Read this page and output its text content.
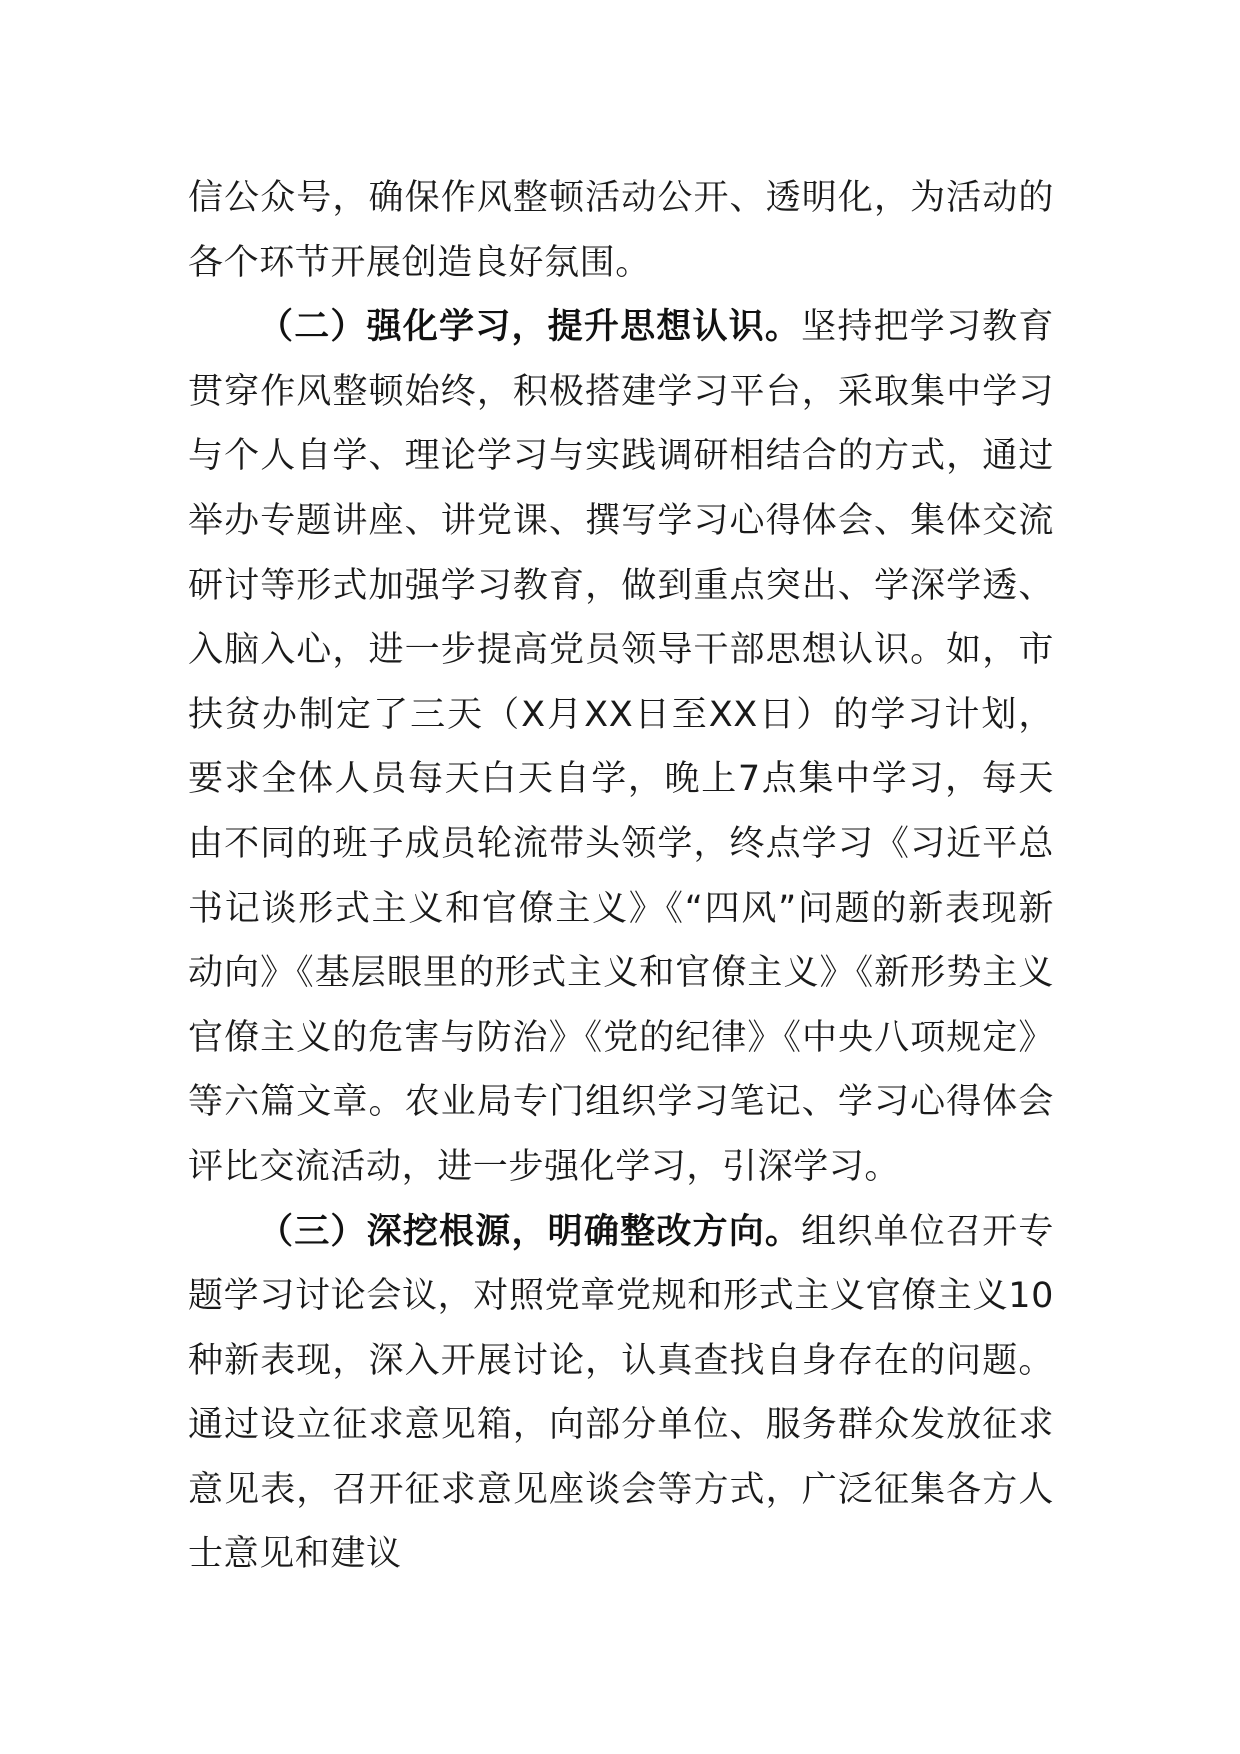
信公众号，确保作风整顿活动公开、透明化，为活动的各个环节开展创造良好氛围。

（二）强化学习，提升思想认识。坚持把学习教育贯穿作风整顿始终，积极搭建学习平台，采取集中学习与个人自学、理论学习与实践调研相结合的方式，通过举办专题讲座、讲党课、撰写学习心得体会、集体交流研讨等形式加强学习教育，做到重点突出、学深学透、入脑入心，进一步提高党员领导干部思想认识。如，市扶贫办制定了三天（X月XX日至XX日）的学习计划，要求全体人员每天白天自学，晚上7点集中学习，每天由不同的班子成员轮流带头领学，终点学习《习近平总书记谈形式主义和官僚主义》《“四风”问题的新表现新动向》《基层眼里的形式主义和官僚主义》《新形势主义官僚主义的危害与防治》《党的纪律》《中央八项规定》等六篇文章。农业局专门组织学习笔记、学习心得体会评比交流活动，进一步强化学习，引深学习。

（三）深挖根源，明确整改方向。组织单位召开专题学习讨论会议，对照党章党规和形式主义官僚主义10种新表现，深入开展讨论，认真查找自身存在的问题。通过设立征求意见箱，向部分单位、服务群众发放征求意见表，召开征求意见座谈会等方式，广泛征集各方人士意见和建议
